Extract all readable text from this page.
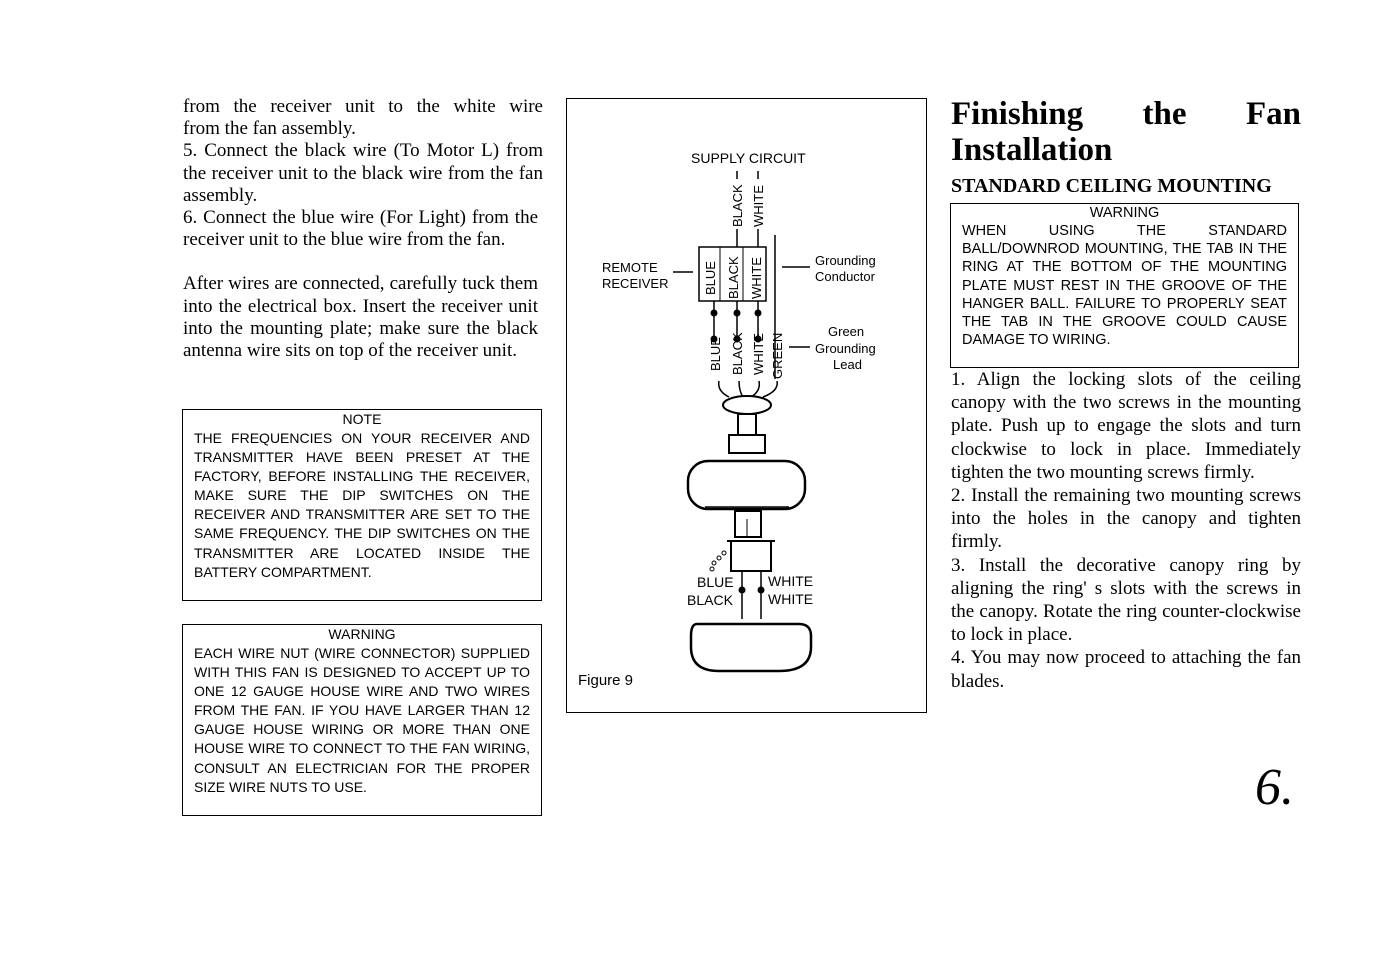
from the receiver unit to the white wire

from the fan assembly.

5. Connect the black wire (To Motor L) from the receiver unit to the black wire from the fan assembly.

6. Connect the blue wire (For Light) from the receiver unit to the blue wire from the fan.

After wires are connected, carefully tuck them into the electrical box. Insert the receiver unit into the mounting plate; make sure the black antenna wire sits on top of the receiver unit.

NOTE
THE FREQUENCIES ON YOUR RECEIVER AND TRANSMITTER HAVE BEEN PRESET AT THE FACTORY, BEFORE INSTALLING THE RECEIVER, MAKE SURE THE DIP SWITCHES ON THE RECEIVER AND TRANSMITTER ARE SET TO THE SAME FREQUENCY. THE DIP SWITCHES ON THE TRANSMITTER ARE LOCATED INSIDE THE BATTERY COMPARTMENT.
WARNING
EACH WIRE NUT (WIRE CONNECTOR) SUPPLIED WITH THIS FAN IS DESIGNED TO ACCEPT UP TO ONE 12 GAUGE HOUSE WIRE AND TWO WIRES FROM THE FAN. IF YOU HAVE LARGER THAN 12 GAUGE HOUSE WIRING OR MORE THAN ONE HOUSE WIRE TO CONNECT TO THE FAN WIRING, CONSULT AN ELECTRICIAN FOR THE PROPER SIZE WIRE NUTS TO USE.
SUPPLY CIRCUIT
BLACK WHITE
BLUE BLACK WHITE	Grounding
Conductor
REMOTE
RECEIVER
BLUE BLACK WHITE GREEN
Green
Grounding
Lead
BLUE
BLACK
WHITE
WHITE
Figure 9
Finishing the Fan
Installation
STANDARD CEILING MOUNTING
WARNING
WHEN USING THE STANDARD BALL/DOWNROD MOUNTING, THE TAB IN THE RING AT THE BOTTOM OF THE MOUNTING PLATE MUST REST IN THE GROOVE OF THE HANGER BALL. FAILURE TO PROPERLY SEAT THE TAB IN THE GROOVE COULD CAUSE DAMAGE TO WIRING.

1. Align the locking slots of the ceiling canopy with the two screws in the mounting plate. Push up to engage the slots and turn clockwise to lock in place. Immediately tighten the two mounting screws firmly.

2. Install the remaining two mounting screws into the holes in the canopy and tighten firmly.

3. Install the decorative canopy ring by aligning the ring' s slots with the screws in the canopy. Rotate the ring counter-clockwise to lock in place.

4. You may now proceed to attaching the fan blades.

6.
